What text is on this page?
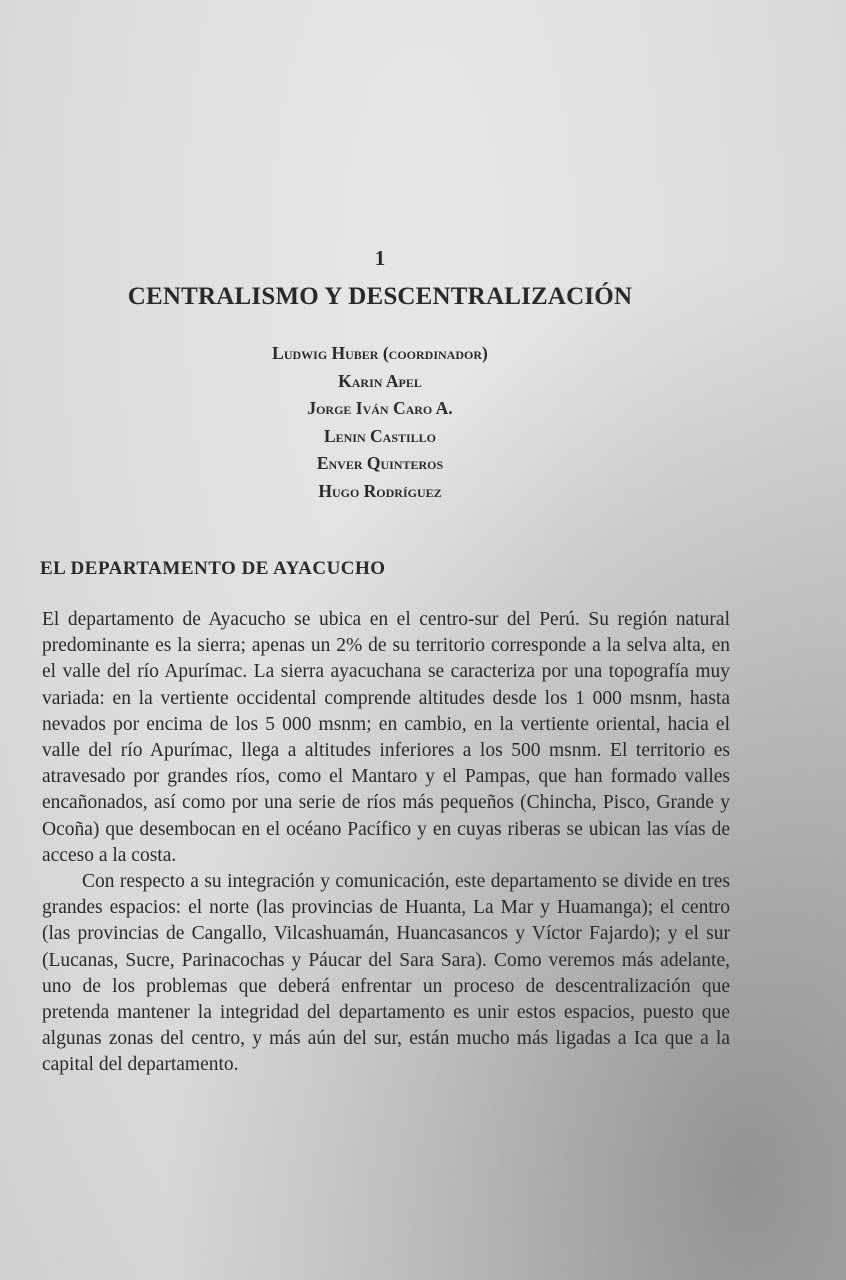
1
CENTRALISMO Y DESCENTRALIZACIÓN
Ludwig Huber (coordinador)
Karin Apel
Jorge Iván Caro A.
Lenin Castillo
Enver Quinteros
Hugo Rodríguez
EL DEPARTAMENTO DE AYACUCHO

El departamento de Ayacucho se ubica en el centro-sur del Perú. Su región natural predominante es la sierra; apenas un 2% de su territorio corresponde a la selva alta, en el valle del río Apurímac. La sierra ayacuchana se caracteriza por una topografía muy variada: en la vertiente occidental comprende altitudes desde los 1 000 msnm, hasta nevados por encima de los 5 000 msnm; en cambio, en la vertiente oriental, hacia el valle del río Apurímac, llega a altitudes inferiores a los 500 msnm. El territorio es atravesado por grandes ríos, como el Mantaro y el Pampas, que han formado valles encañonados, así como por una serie de ríos más pequeños (Chincha, Pisco, Grande y Ocoña) que desembocan en el océano Pacífico y en cuyas riberas se ubican las vías de acceso a la costa.

Con respecto a su integración y comunicación, este departamento se divide en tres grandes espacios: el norte (las provincias de Huanta, La Mar y Huamanga); el centro (las provincias de Cangallo, Vilcashuamán, Huancasancos y Víctor Fajardo); y el sur (Lucanas, Sucre, Parinacochas y Páucar del Sara Sara). Como veremos más adelante, uno de los problemas que deberá enfrentar un proceso de descentralización que pretenda mantener la integridad del departamento es unir estos espacios, puesto que algunas zonas del centro, y más aún del sur, están mucho más ligadas a Ica que a la capital del departamento.
